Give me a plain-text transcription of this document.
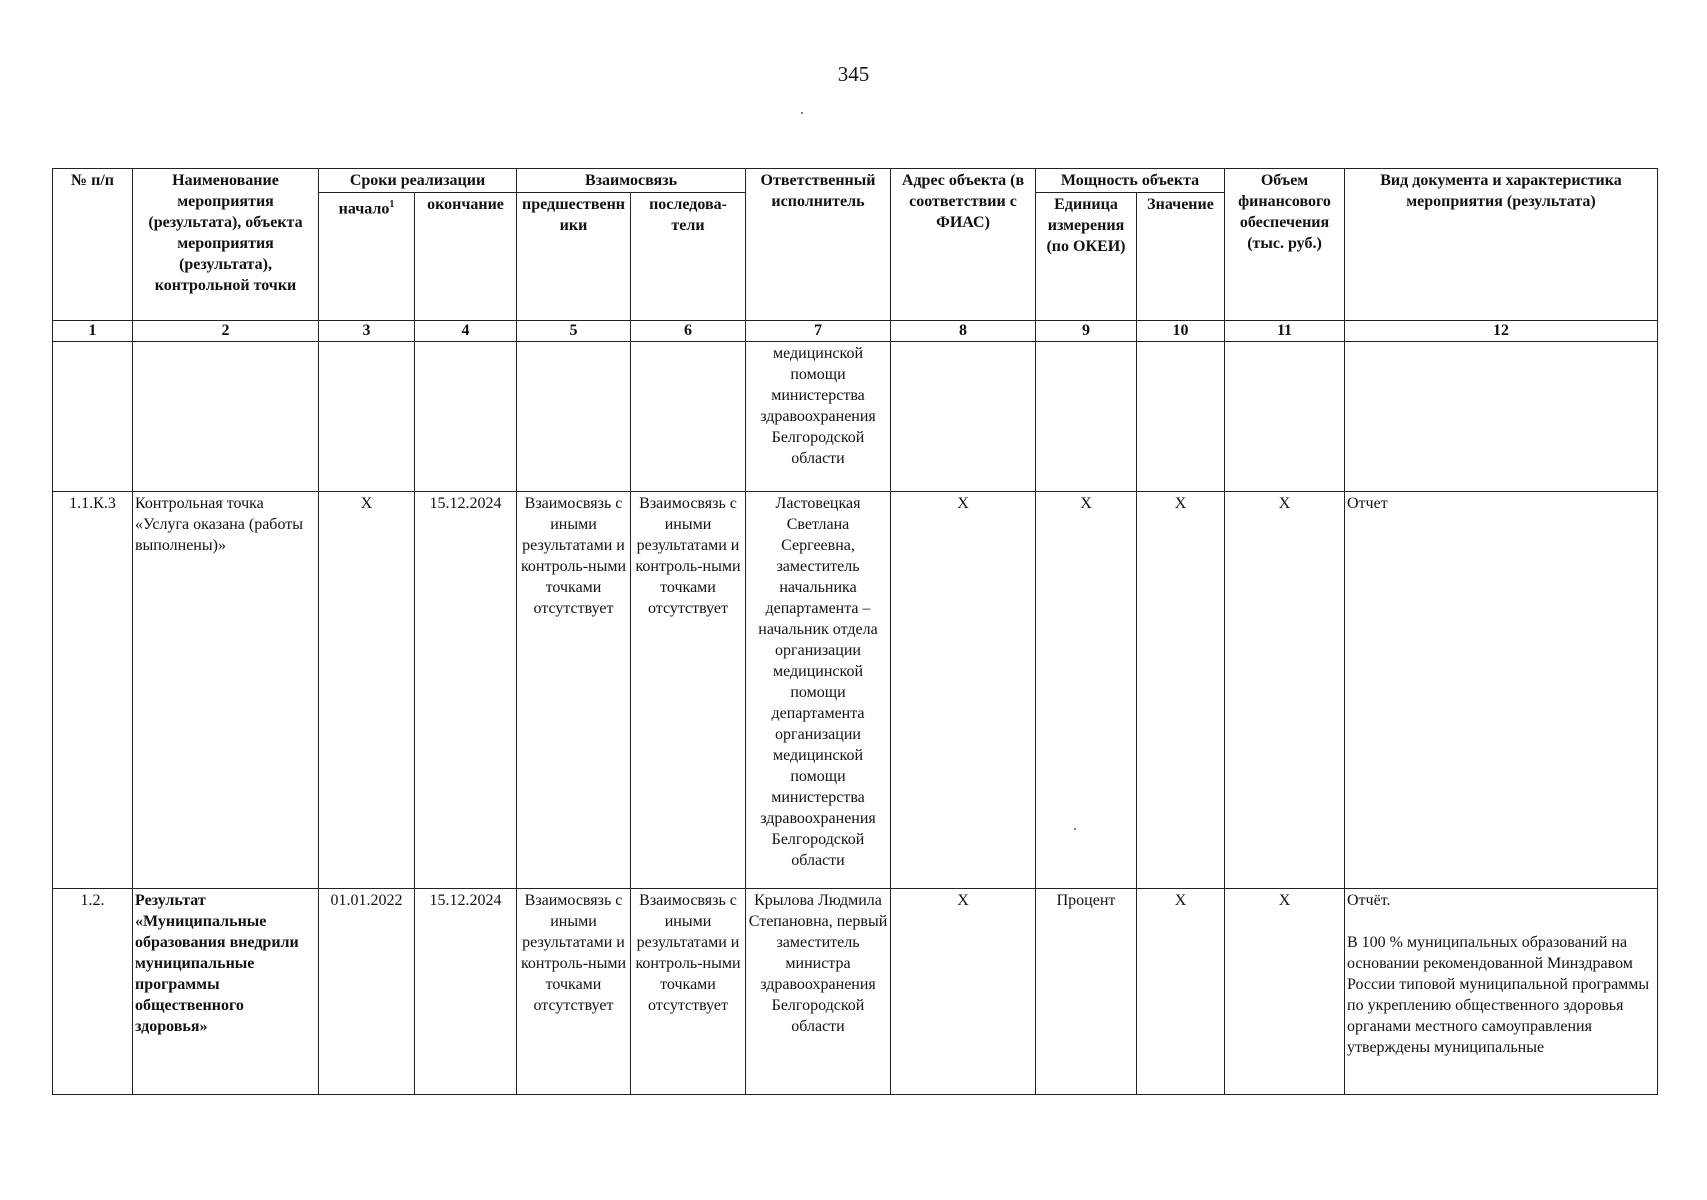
345
№ п/п	Наименование мероприятия (результата), объекта мероприятия (результата), контрольной точки	Сроки реализации		Взаимосвязь		Ответственный исполнитель	Адрес объекта (в соответствии с ФИАС)	Мощность объекта		Объем финансового обеспечения (тыс. руб.)	Вид документа и характеристика мероприятия (результата)
		начало$^1$	окончание	предшественники	последова-тели			Единица измерения (по ОКЕИ)	Значение		
1	2	3	4	5	6	7	8	9	10	11	12
						медицинской помощи министерства здравоохранения Белгородской области					
1.1.К.3	Контрольная точка «Услуга оказана (работы выполнены)»	X	15.12.2024	Взаимосвязь с иными результатами и контроль-ными точками отсутствует	Взаимосвязь с иными результатами и контроль-ными точками отсутствует	Ластовецкая Светлана Сергеевна, заместитель начальника департамента – начальник отдела организации медицинской помощи департамента организации медицинской помощи министерства здравоохранения Белгородской области	X	X	X	X	Отчет
1.2.	Результат «Муниципальные образования внедрили муниципальные программы общественного здоровья»	01.01.2022	15.12.2024	Взаимосвязь с иными результатами и контроль-ными точками отсутствует	Взаимосвязь с иными результатами и контроль-ными точками отсутствует	Крылова Людмила Степановна, первый заместитель министра здравоохранения Белгородской области	X	Процент	X	X	Отчёт.
В 100 % муниципальных образований на основании рекомендованной Минздравом России типовой муниципальной программы по укреплению общественного здоровья органами местного самоуправления утверждены муниципальные
